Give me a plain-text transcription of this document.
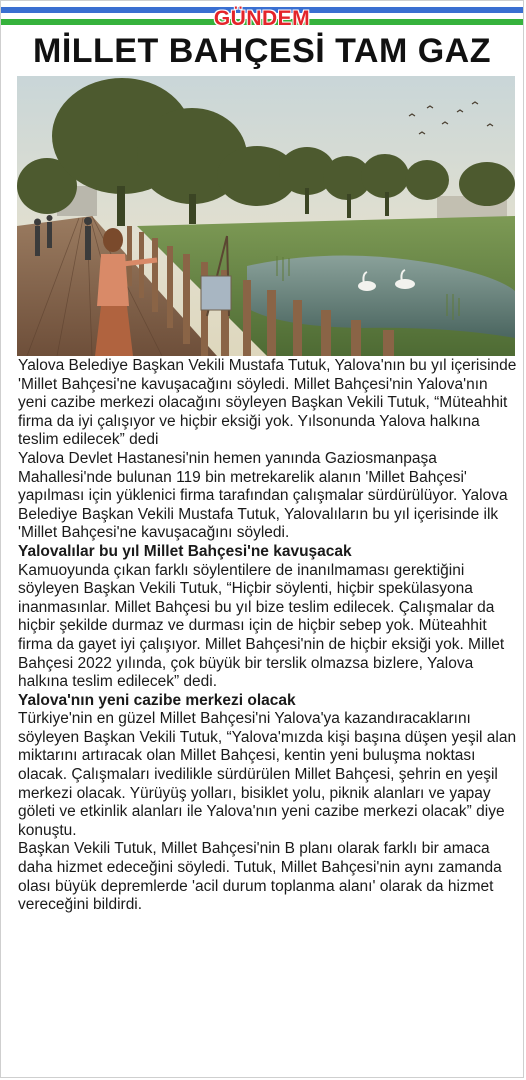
GÜNDEM
MİLLET BAHÇESİ TAM GAZ

Yalova Belediye Başkan Vekili Mustafa Tutuk, Yalova'nın bu yıl içerisinde 'Millet Bahçesi'ne kavuşacağını söyledi. Millet Bahçesi'nin Yalova'nın yeni cazibe merkezi olacağını söyleyen Başkan Vekili Tutuk, “Müteahhit firma da iyi çalışıyor ve hiçbir eksiği yok. Yılsonunda Yalova halkına teslim edilecek” dedi

Yalova Devlet Hastanesi'nin hemen yanında Gaziosmanpaşa Mahallesi'nde bulunan 119 bin metrekarelik alanın 'Millet Bahçesi' yapılması için yüklenici firma tarafından çalışmalar sürdürülüyor. Yalova Belediye Başkan Vekili Mustafa Tutuk, Yalovalıların bu yıl içerisinde ilk 'Millet Bahçesi'ne kavuşacağını söyledi.

Yalovalılar bu yıl Millet Bahçesi'ne kavuşacak

Kamuoyunda çıkan farklı söylentilere de inanılmaması gerektiğini söyleyen Başkan Vekili Tutuk, “Hiçbir söylenti, hiçbir spekülasyona inanmasınlar. Millet Bahçesi bu yıl bize teslim edilecek. Çalışmalar da hiçbir şekilde durmaz ve durması için de hiçbir sebep yok. Müteahhit firma da gayet iyi çalışıyor. Millet Bahçesi'nin de hiçbir eksiği yok. Millet Bahçesi 2022 yılında, çok büyük bir terslik olmazsa bizlere, Yalova halkına teslim edilecek” dedi.

Yalova'nın yeni cazibe merkezi olacak

Türkiye'nin en güzel Millet Bahçesi'ni Yalova'ya kazandıracaklarını söyleyen Başkan Vekili Tutuk, “Yalova'mızda kişi başına düşen yeşil alan miktarını artıracak olan Millet Bahçesi, kentin yeni buluşma noktası olacak. Çalışmaları ivedilikle sürdürülen Millet Bahçesi, şehrin en yeşil merkezi olacak. Yürüyüş yolları, bisiklet yolu, piknik alanları ve yapay göleti ve etkinlik alanları ile Yalova'nın yeni cazibe merkezi olacak” diye konuştu.

Başkan Vekili Tutuk, Millet Bahçesi'nin B planı olarak farklı bir amaca daha hizmet edeceğini söyledi. Tutuk, Millet Bahçesi'nin aynı zamanda olası büyük depremlerde 'acil durum toplanma alanı' olarak da hizmet vereceğini bildirdi.
